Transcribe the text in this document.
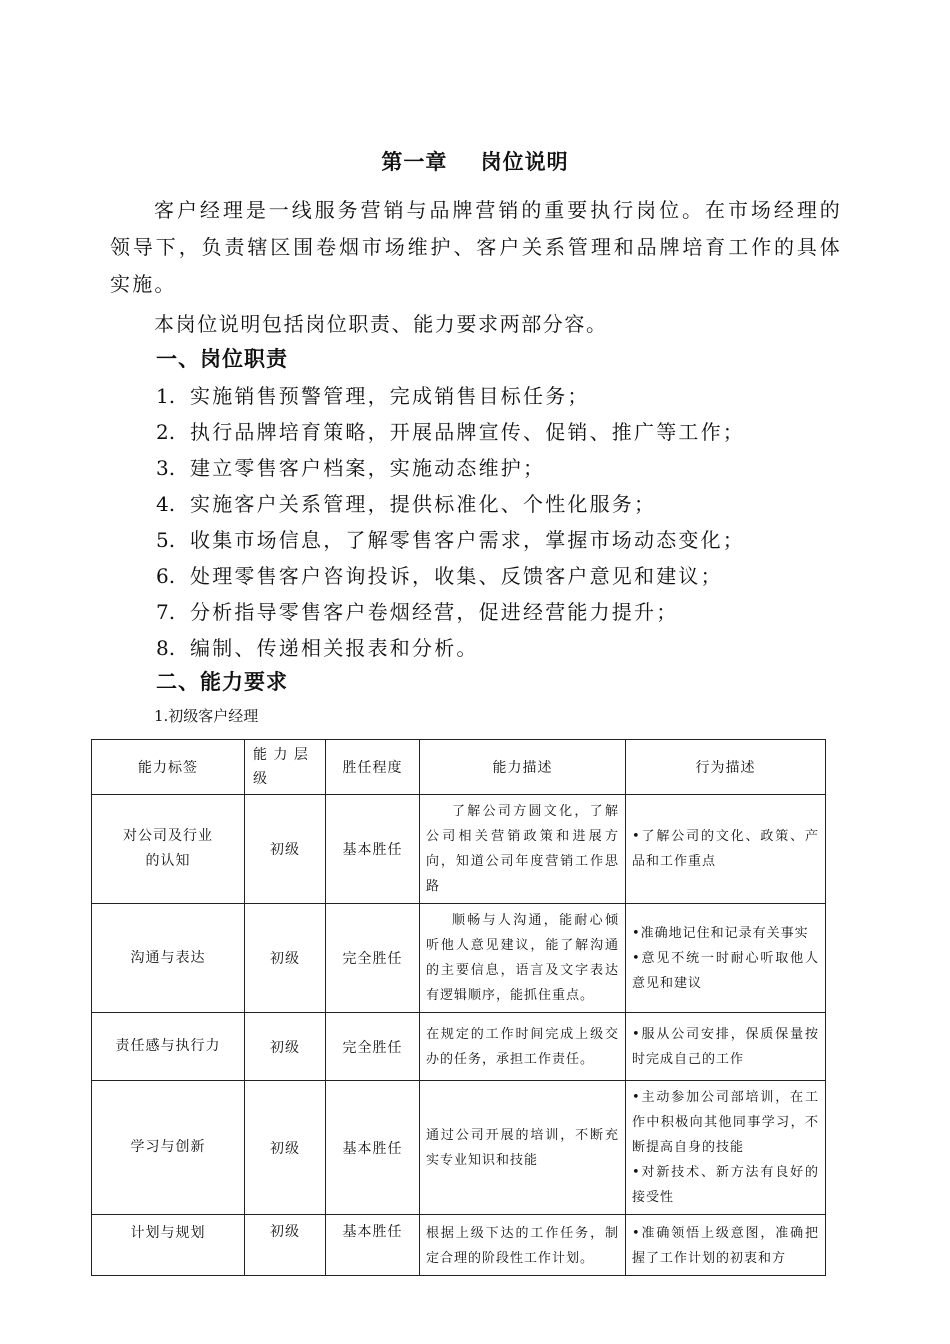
第一章    岗位说明

客户经理是一线服务营销与品牌营销的重要执行岗位。在市场经理的领导下，负责辖区围卷烟市场维护、客户关系管理和品牌培育工作的具体实施。

本岗位说明包括岗位职责、能力要求两部分容。

一、岗位职责
1. 实施销售预警管理，完成销售目标任务；
2. 执行品牌培育策略，开展品牌宣传、促销、推广等工作；
3. 建立零售客户档案，实施动态维护；
4. 实施客户关系管理，提供标准化、个性化服务；
5. 收集市场信息，了解零售客户需求，掌握市场动态变化；
6. 处理零售客户咨询投诉，收集、反馈客户意见和建议；
7. 分析指导零售客户卷烟经营，促进经营能力提升；
8. 编制、传递相关报表和分析。
二、能力要求
1.初级客户经理
能力标签	能 力 层级	胜任程度	能力描述	行为描述

对公司及行业
的认知	初级	基本胜任	了解公司方圆文化，了解公司相关营销政策和进展方向，知道公司年度营销工作思路	•了解公司的文化、政策、产品和工作重点

沟通与表达	初级	完全胜任	顺畅与人沟通，能耐心倾听他人意见建议，能了解沟通的主要信息，语言及文字表达有逻辑顺序，能抓住重点。	•准确地记住和记录有关事实
•意见不统一时耐心听取他人意见和建议

责任感与执行力	初级	完全胜任	在规定的工作时间完成上级交办的任务，承担工作责任。	•服从公司安排，保质保量按时完成自己的工作

学习与创新	初级	基本胜任	通过公司开展的培训，不断充实专业知识和技能	•主动参加公司部培训，在工作中积极向其他同事学习，不断提高自身的技能
•对新技术、新方法有良好的接受性

计划与规划	初级	基本胜任	根据上级下达的工作任务，制定合理的阶段性工作计划。	•准确领悟上级意图，准确把握了工作计划的初衷和方
